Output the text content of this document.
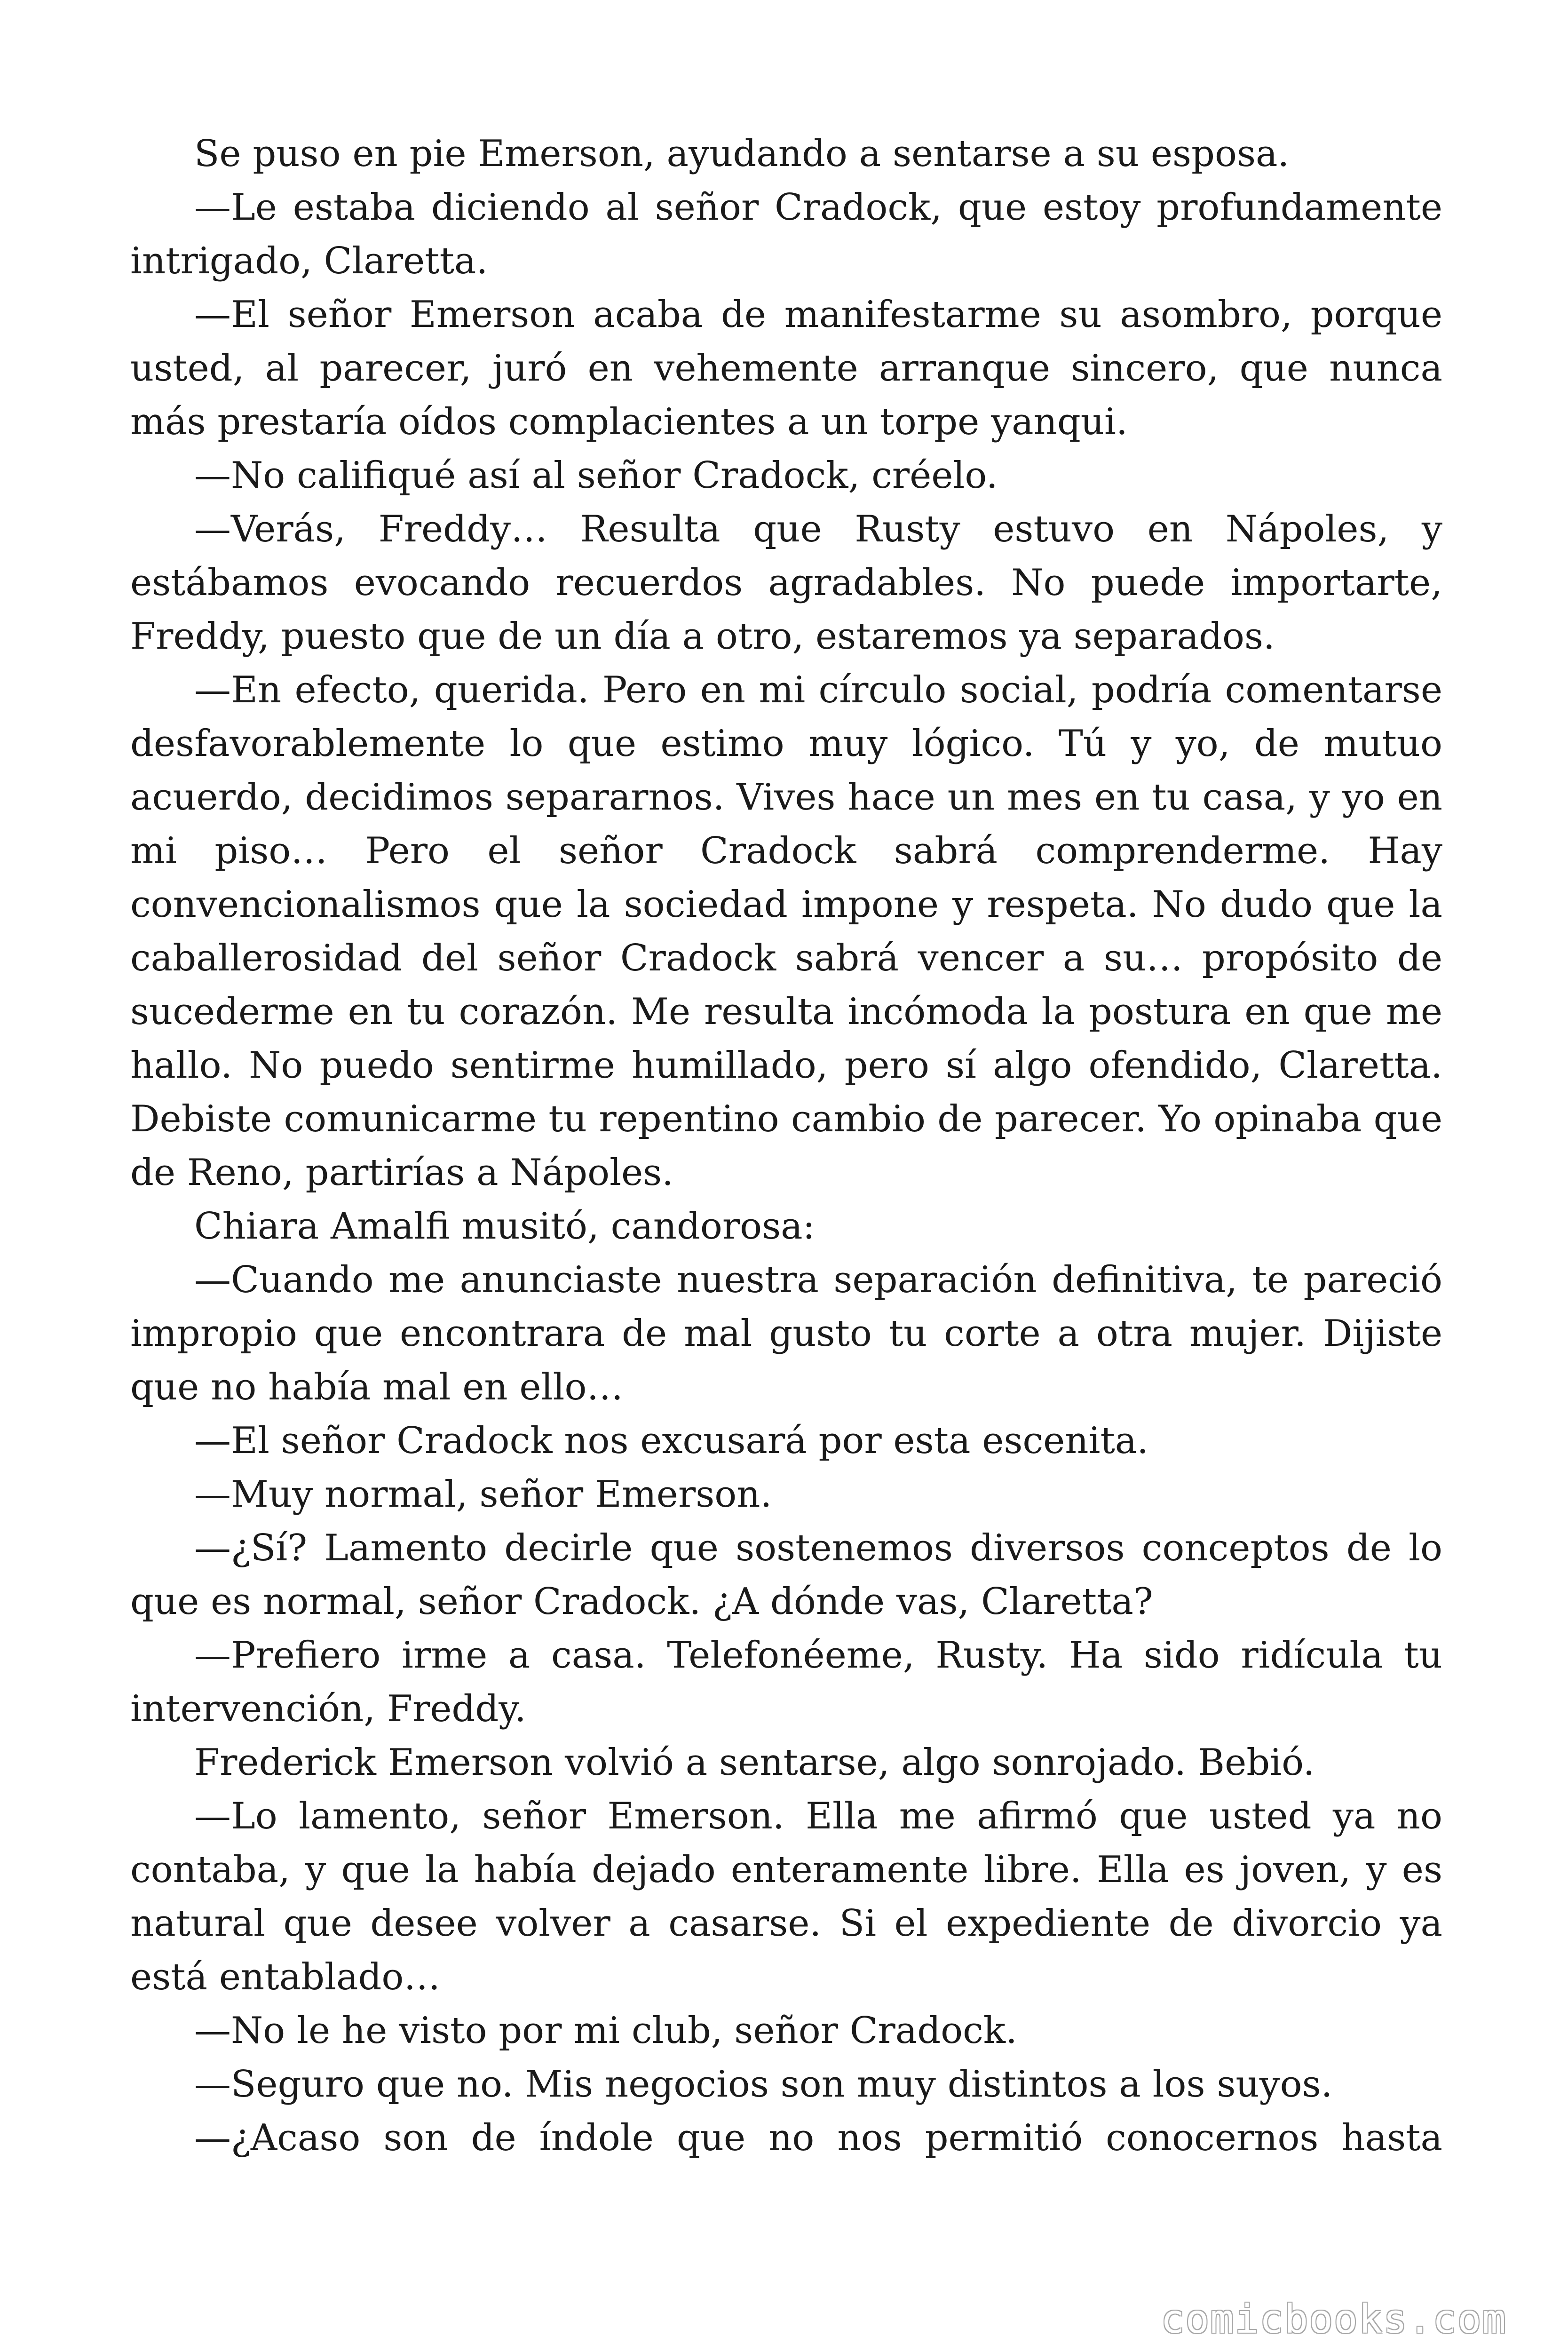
Se puso en pie Emerson, ayudando a sentarse a su esposa.

—Le estaba diciendo al señor Cradock, que estoy profundamente intrigado, Claretta.

—El señor Emerson acaba de manifestarme su asombro, porque usted, al parecer, juró en vehemente arranque sincero, que nunca más prestaría oídos complacientes a un torpe yanqui.

—No califiqué así al señor Cradock, créelo.

—Verás, Freddy… Resulta que Rusty estuvo en Nápoles, y estábamos evocando recuerdos agradables. No puede importarte, Freddy, puesto que de un día a otro, estaremos ya separados.

—En efecto, querida. Pero en mi círculo social, podría comentarse desfavorablemente lo que estimo muy lógico. Tú y yo, de mutuo acuerdo, decidimos separarnos. Vives hace un mes en tu casa, y yo en mi piso… Pero el señor Cradock sabrá comprenderme. Hay convencionalismos que la sociedad impone y respeta. No dudo que la caballerosidad del señor Cradock sabrá vencer a su… propósito de sucederme en tu corazón. Me resulta incómoda la postura en que me hallo. No puedo sentirme humillado, pero sí algo ofendido, Claretta. Debiste comunicarme tu repentino cambio de parecer. Yo opinaba que de Reno, partirías a Nápoles.

Chiara Amalfi musitó, candorosa:

—Cuando me anunciaste nuestra separación definitiva, te pareció impropio que encontrara de mal gusto tu corte a otra mujer. Dijiste que no había mal en ello…

—El señor Cradock nos excusará por esta escenita.

—Muy normal, señor Emerson.

—¿Sí? Lamento decirle que sostenemos diversos conceptos de lo que es normal, señor Cradock. ¿A dónde vas, Claretta?

—Prefiero irme a casa. Telefonéeme, Rusty. Ha sido ridícula tu intervención, Freddy.

Frederick Emerson volvió a sentarse, algo sonrojado. Bebió.

—Lo lamento, señor Emerson. Ella me afirmó que usted ya no contaba, y que la había dejado enteramente libre. Ella es joven, y es natural que desee volver a casarse. Si el expediente de divorcio ya está entablado…

—No le he visto por mi club, señor Cradock.

—Seguro que no. Mis negocios son muy distintos a los suyos.

—¿Acaso son de índole que no nos permitió conocernos hasta

comicbooks.com
